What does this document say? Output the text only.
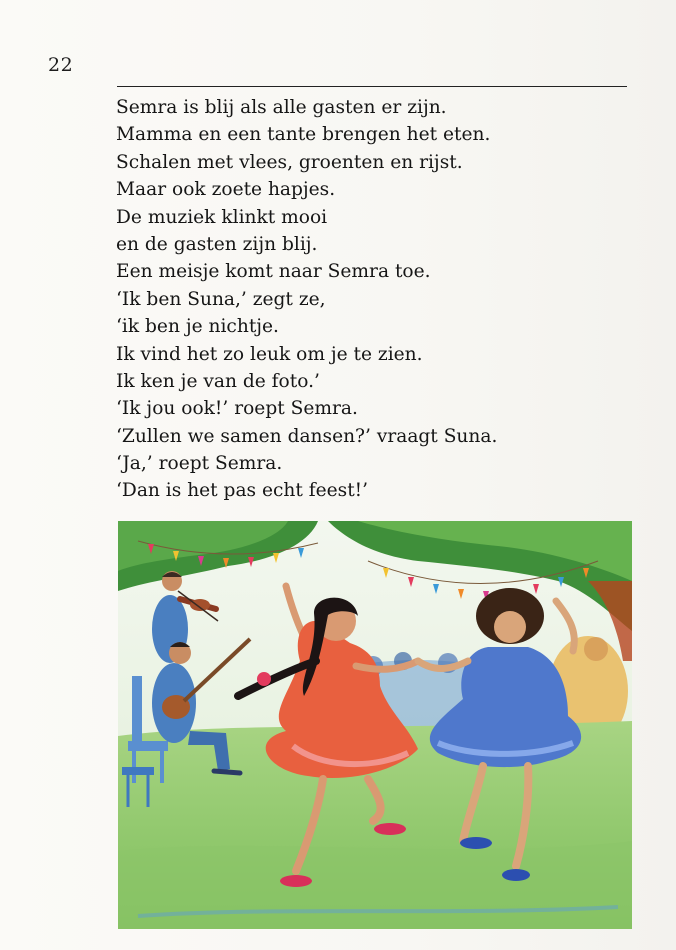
22
Semra is blij als alle gasten er zijn.
Mamma en een tante brengen het eten.
Schalen met vlees, groenten en rijst.
Maar ook zoete hapjes.
De muziek klinkt mooi
en de gasten zijn blij.
Een meisje komt naar Semra toe.
‘Ik ben Suna,’ zegt ze,
‘ik ben je nichtje.
Ik vind het zo leuk om je te zien.
Ik ken je van de foto.’
‘Ik jou ook!’ roept Semra.
‘Zullen we samen dansen?’ vraagt Suna.
‘Ja,’ roept Semra.
‘Dan is het pas echt feest!’
